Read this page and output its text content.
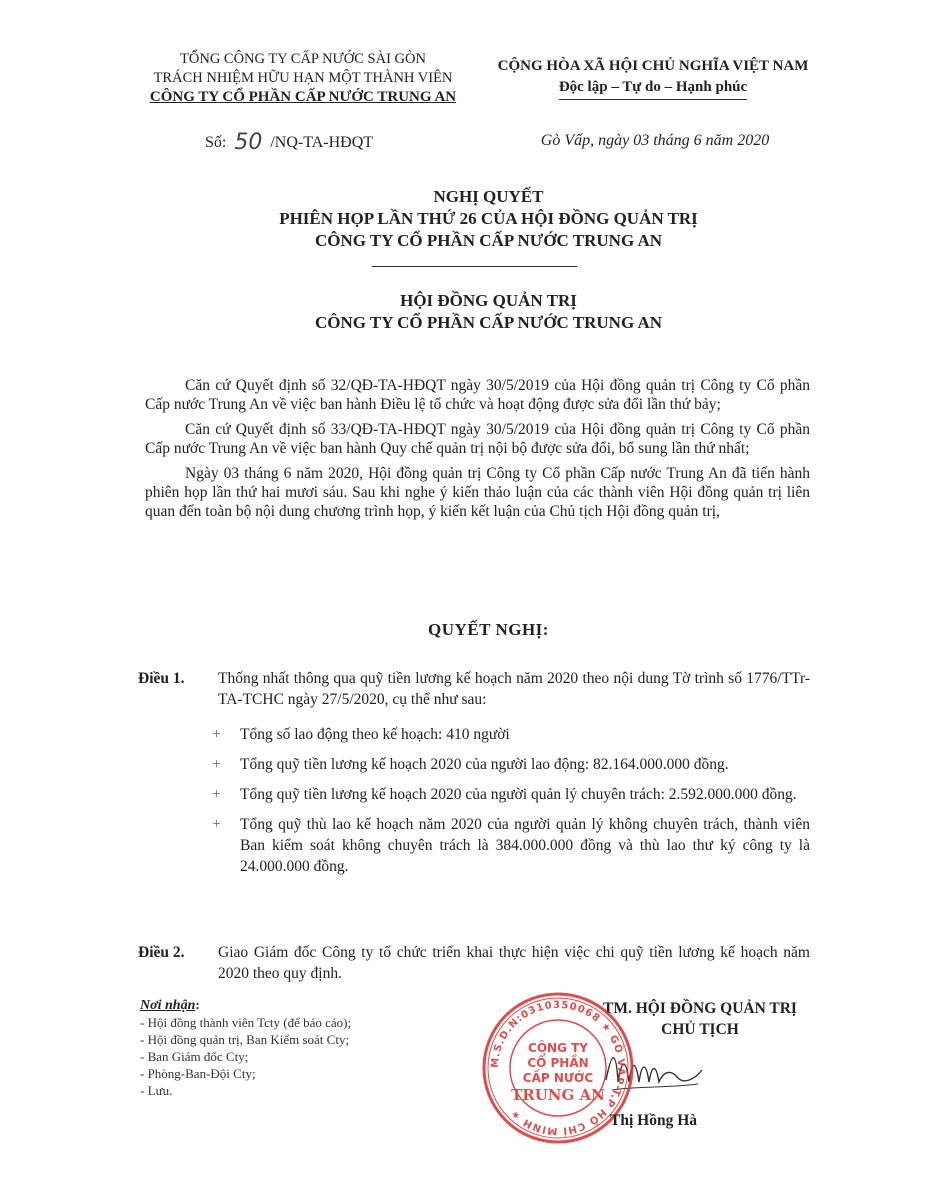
TỔNG CÔNG TY CẤP NƯỚC SÀI GÒN
TRÁCH NHIỆM HỮU HẠN MỘT THÀNH VIÊN
CÔNG TY CỔ PHẦN CẤP NƯỚC TRUNG AN
CỘNG HÒA XÃ HỘI CHỦ NGHĨA VIỆT NAM
Độc lập – Tự do – Hạnh phúc
Số: 50 /NQ-TA-HĐQT	Gò Vấp, ngày 03 tháng 6 năm 2020
NGHỊ QUYẾT
PHIÊN HỌP LẦN THỨ 26 CỦA HỘI ĐỒNG QUẢN TRỊ
CÔNG TY CỔ PHẦN CẤP NƯỚC TRUNG AN
HỘI ĐỒNG QUẢN TRỊ
CÔNG TY CỔ PHẦN CẤP NƯỚC TRUNG AN

Căn cứ Quyết định số 32/QĐ-TA-HĐQT ngày 30/5/2019 của Hội đồng quản trị Công ty Cổ phần Cấp nước Trung An về việc ban hành Điều lệ tổ chức và hoạt động được sửa đổi lần thứ bảy;

Căn cứ Quyết định số 33/QĐ-TA-HĐQT ngày 30/5/2019 của Hội đồng quản trị Công ty Cổ phần Cấp nước Trung An về việc ban hành Quy chế quản trị nội bộ được sửa đổi, bổ sung lần thứ nhất;

Ngày 03 tháng 6 năm 2020, Hội đồng quản trị Công ty Cổ phần Cấp nước Trung An đã tiến hành phiên họp lần thứ hai mươi sáu. Sau khi nghe ý kiến thảo luận của các thành viên Hội đồng quản trị liên quan đến toàn bộ nội dung chương trình họp, ý kiến kết luận của Chủ tịch Hội đồng quản trị,

QUYẾT NGHỊ:
Điều 1.	Thống nhất thông qua quỹ tiền lương kế hoạch năm 2020 theo nội dung Tờ trình số 1776/TTr-TA-TCHC ngày 27/5/2020, cụ thể như sau:
+ Tổng số lao động theo kế hoạch: 410 người
+ Tổng quỹ tiền lương kế hoạch 2020 của người lao động: 82.164.000.000 đồng.
+ Tổng quỹ tiền lương kế hoạch 2020 của người quản lý chuyên trách: 2.592.000.000 đồng.
+ Tổng quỹ thù lao kế hoạch năm 2020 của người quản lý không chuyên trách, thành viên Ban kiểm soát không chuyên trách là 384.000.000 đồng và thù lao thư ký công ty là 24.000.000 đồng.
Điều 2.	Giao Giám đốc Công ty tổ chức triển khai thực hiện việc chi quỹ tiền lương kế hoạch năm 2020 theo quy định.
Nơi nhận:
- Hội đồng thành viên Tcty (để báo cáo);
- Hội đồng quản trị, Ban Kiểm soát Cty;
- Ban Giám đốc Cty;
- Phòng-Ban-Đội Cty;
- Lưu.
TM. HỘI ĐỒNG QUẢN TRỊ
CHỦ TỊCH
M.S.D.N:0310350068 ★ GÒ VẤP-T.P HỒ CHÍ MINH ★
CÔNG TY
CỔ PHẦN
CẤP NƯỚC
TRUNG AN
Thị Hồng Hà
